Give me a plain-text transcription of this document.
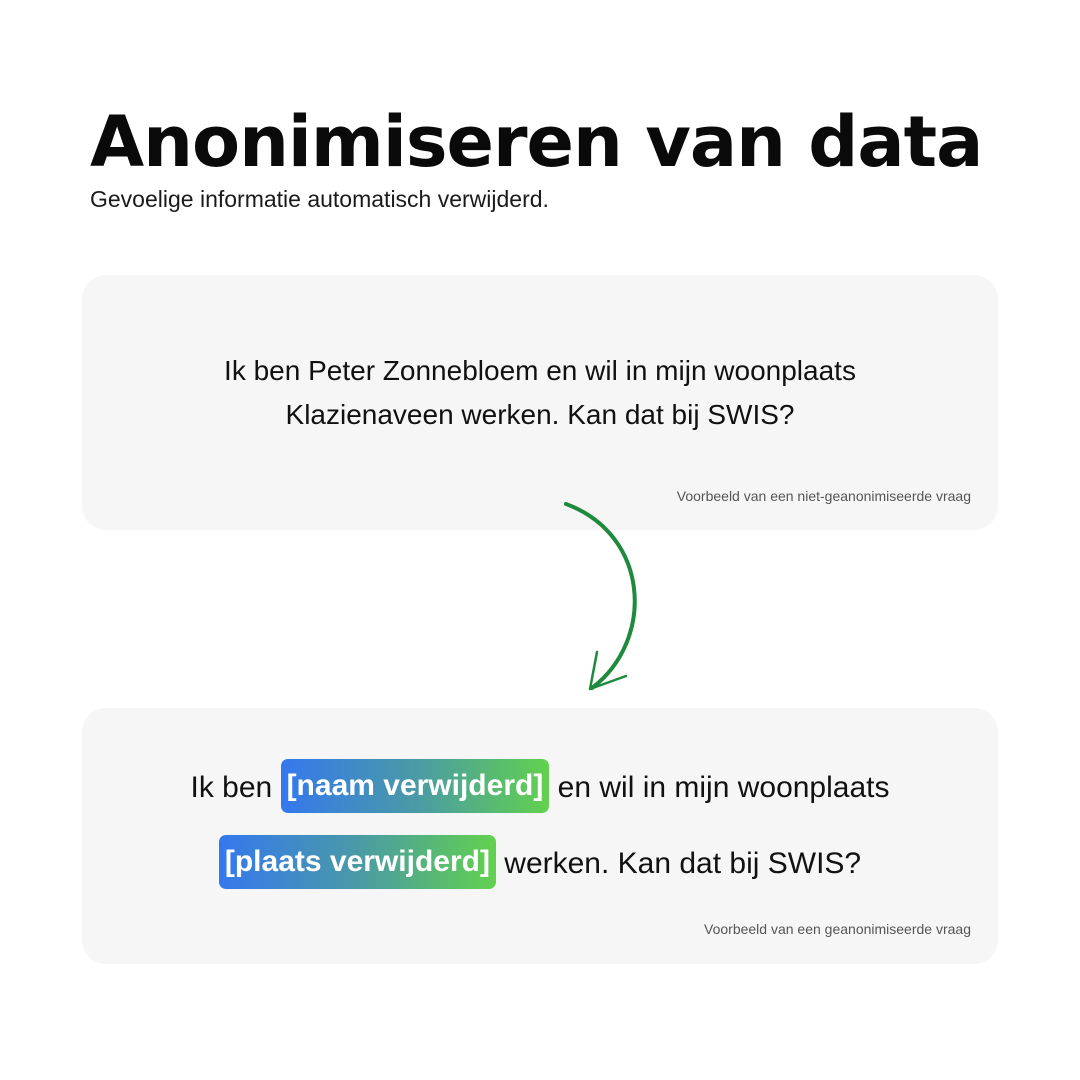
Anonimiseren van data

Gevoelige informatie automatisch verwijderd.

Ik ben Peter Zonnebloem en wil in mijn woonplaats
Klazienaveen werken. Kan dat bij SWIS?
Voorbeeld van een niet-geanonimiseerde vraag
Ik ben [naam verwijderd] en wil in mijn woonplaats
[plaats verwijderd] werken. Kan dat bij SWIS?
Voorbeeld van een geanonimiseerde vraag
